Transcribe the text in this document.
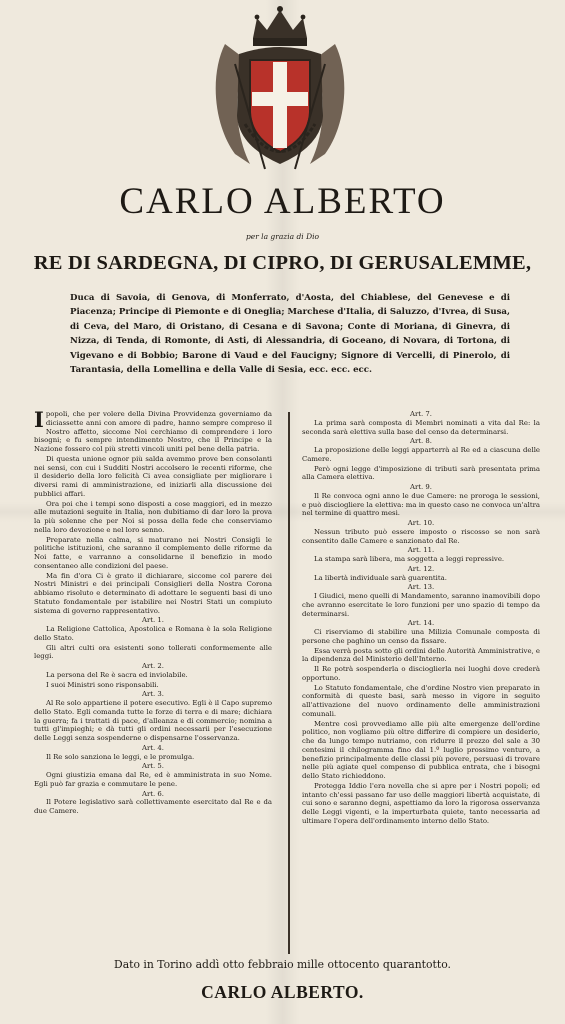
CARLO ALBERTO
per la grazia di Dio
RE DI SARDEGNA, DI CIPRO, DI GERUSALEMME,

Duca di Savoia, di Genova, di Monferrato, d'Aosta, del Chiablese, del Genevese e di Piacenza; Principe di Piemonte e di Oneglia; Marchese d'Italia, di Saluzzo, d'Ivrea, di Susa, di Ceva, del Maro, di Oristano, di Cesana e di Savona; Conte di Moriana, di Ginevra, di Nizza, di Tenda, di Romonte, di Asti, di Alessandria, di Goceano, di Novara, di Tortona, di Vigevano e di Bobbio; Barone di Vaud e del Faucigny; Signore di Vercelli, di Pinerolo, di Tarantasia, della Lomellina e della Valle di Sesia, ecc. ecc. ecc.

Ipopoli, che per volere della Divina Provvidenza governiamo da diciassette anni con amore di padre, hanno sempre compreso il Nostro affetto, siccome Noi cerchiamo di comprendere i loro bisogni; e fu sempre intendimento Nostro, che il Principe e la Nazione fossero col più stretti vincoli uniti pel bene della patria.

Di questa unione ognor più salda avemmo prove ben consolanti nei sensi, con cui i Sudditi Nostri accolsero le recenti riforme, che il desiderio della loro felicità Ci avea consigliate per migliorare i diversi rami di amministrazione, ed iniziarli alla discussione dei pubblici affari.

Ora poi che i tempi sono disposti a cose maggiori, ed in mezzo alle mutazioni seguite in Italia, non dubitiamo di dar loro la prova la più solenne che per Noi si possa della fede che conserviamo nella loro devozione e nel loro senno.

Preparate nella calma, si maturano nei Nostri Consigli le politiche istituzioni, che saranno il complemento delle riforme da Noi fatte, e varranno a consolidarne il benefizio in modo consentaneo alle condizioni del paese.

Ma fin d'ora Ci è grato il dichiarare, siccome col parere dei Nostri Ministri e dei principali Consiglieri della Nostra Corona abbiamo risoluto e determinato di adottare le seguenti basi di uno Statuto fondamentale per istabilire nei Nostri Stati un compiuto sistema di governo rappresentativo.

Art. 1.

La Religione Cattolica, Apostolica e Romana è la sola Religione dello Stato.

Gli altri culti ora esistenti sono tollerati conformemente alle leggi.

Art. 2.

La persona del Re è sacra ed inviolabile.

I suoi Ministri sono risponsabili.

Art. 3.

Al Re solo appartiene il potere esecutivo. Egli è il Capo supremo dello Stato. Egli comanda tutte le forze di terra e di mare; dichiara la guerra; fa i trattati di pace, d'alleanza e di commercio; nomina a tutti gl'impieghi; e dà tutti gli ordini necessarii per l'esecuzione delle Leggi senza sospenderne o dispensarne l'osservanza.

Art. 4.

Il Re solo sanziona le leggi, e le promulga.

Art. 5.

Ogni giustizia emana dal Re, ed è amministrata in suo Nome. Egli può far grazia e commutare le pene.

Art. 6.

Il Potere legislativo sarà collettivamente esercitato dal Re e da due Camere.

Art. 7.

La prima sarà composta di Membri nominati a vita dal Re: la seconda sarà elettiva sulla base del censo da determinarsi.

Art. 8.

La proposizione delle leggi apparterrà al Re ed a ciascuna delle Camere.

Però ogni legge d'imposizione di tributi sarà presentata prima alla Camera elettiva.

Art. 9.

Il Re convoca ogni anno le due Camere: ne proroga le sessioni, e può disciogliere la elettiva: ma in questo caso ne convoca un'altra nel termine di quattro mesi.

Art. 10.

Nessun tributo può essere imposto o riscosso se non sarà consentito dalle Camere e sanzionato dal Re.

Art. 11.

La stampa sarà libera, ma soggetta a leggi repressive.

Art. 12.

La libertà individuale sarà guarentita.

Art. 13.

I Giudici, meno quelli di Mandamento, saranno inamovibili dopo che avranno esercitate le loro funzioni per uno spazio di tempo da determinarsi.

Art. 14.

Ci riserviamo di stabilire una Milizia Comunale composta di persone che paghino un censo da fissare.

Essa verrà posta sotto gli ordini delle Autorità Amministrative, e la dipendenza del Ministerio dell'Interno.

Il Re potrà sospenderla o discioglierla nei luoghi dove crederà opportuno.

Lo Statuto fondamentale, che d'ordine Nostro vien preparato in conformità di queste basi, sarà messo in vigore in seguito all'attivazione del nuovo ordinamento delle amministrazioni comunali.

Mentre così provvediamo alle più alte emergenze dell'ordine politico, non vogliamo più oltre differire di compiere un desiderio, che da lungo tempo nutriamo, con ridurre il prezzo del sale a 30 centesimi il chilogramma fino dal 1.º luglio prossimo venturo, a benefizio principalmente delle classi più povere, persuasi di trovare nelle più agiate quel compenso di pubblica entrata, che i bisogni dello Stato richieddono.

Protegga Iddio l'era novella che si apre per i Nostri popoli; ed intanto ch'essi passano far uso delle maggiori libertà acquistate, di cui sono e saranno degni, aspettiamo da loro la rigorosa osservanza delle Leggi vigenti, e la imperturbata quiete, tanto necessaria ad ultimare l'opera dell'ordinamento interno dello Stato.

Dato in Torino addì otto febbraio mille ottocento quarantotto.

CARLO ALBERTO.
